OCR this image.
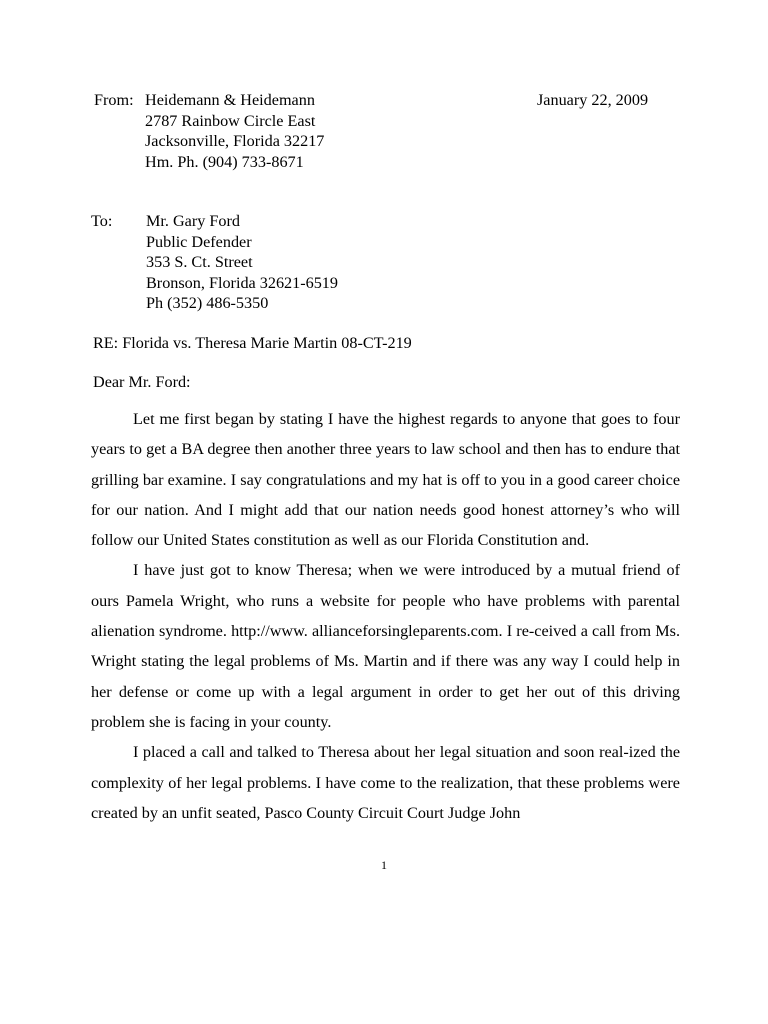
From: Heidemann & Heidemann
2787 Rainbow Circle East
Jacksonville, Florida 32217
Hm. Ph. (904) 733-8671
January 22, 2009
To: Mr. Gary Ford
Public Defender
353 S. Ct. Street
Bronson, Florida 32621-6519
Ph (352) 486-5350
RE: Florida vs. Theresa Marie Martin 08-CT-219
Dear Mr. Ford:

Let me first began by stating I have the highest regards to anyone that goes to four years to get a BA degree then another three years to law school and then has to endure that grilling bar examine. I say congratulations and my hat is off to you in a good career choice for our nation. And I might add that our nation needs good honest attorney’s who will follow our United States constitution as well as our Florida Constitution and.

I have just got to know Theresa; when we were introduced by a mutual friend of ours Pamela Wright, who runs a website for people who have problems with parental alienation syndrome. http://www. allianceforsingleparents.com. I re-ceived a call from Ms. Wright stating the legal problems of Ms. Martin and if there was any way I could help in her defense or come up with a legal argument in order to get her out of this driving problem she is facing in your county.

I placed a call and talked to Theresa about her legal situation and soon real-ized the complexity of her legal problems. I have come to the realization, that these problems were created by an unfit seated, Pasco County Circuit Court Judge John

1
